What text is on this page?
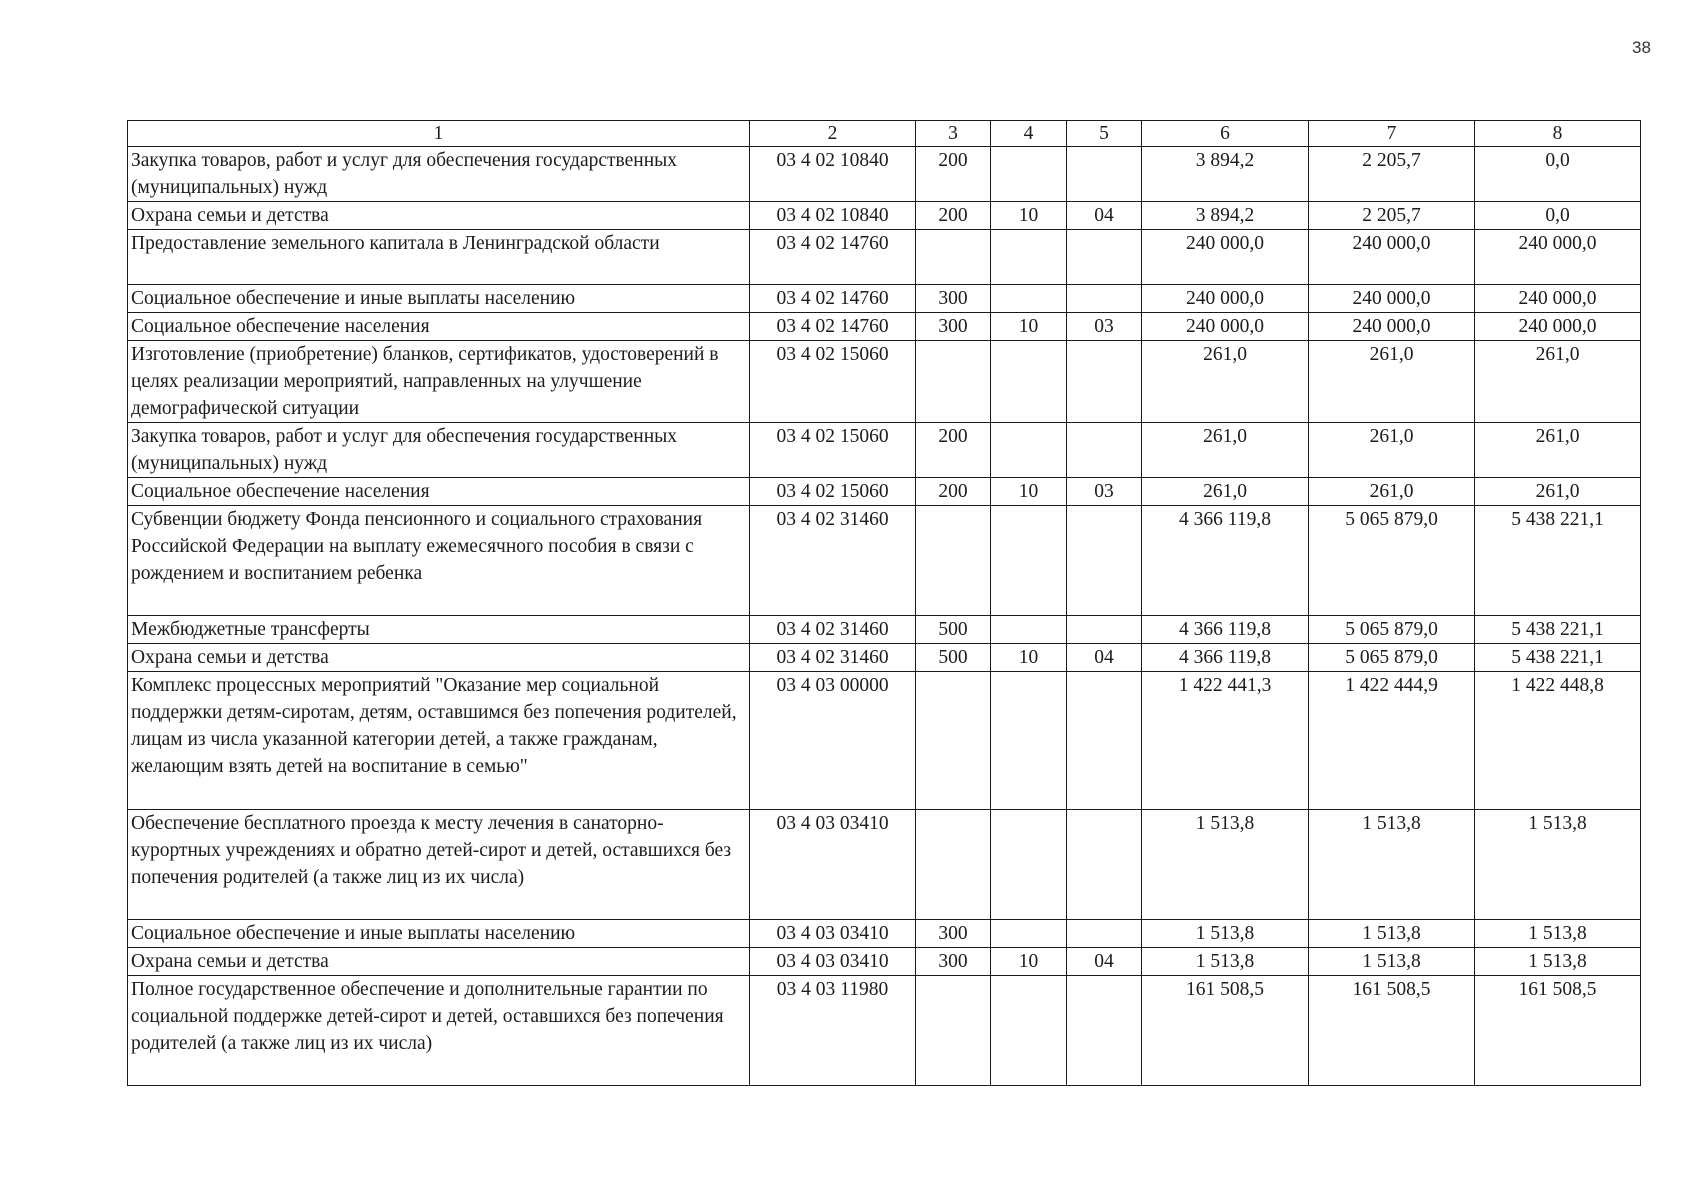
38
1	2	3	4	5	6	7	8
Закупка товаров, работ и услуг для обеспечения государственных (муниципальных) нужд	03 4 02 10840	200			3 894,2	2 205,7	0,0
Охрана семьи и детства	03 4 02 10840	200	10	04	3 894,2	2 205,7	0,0
Предоставление земельного капитала в Ленинградской области	03 4 02 14760				240 000,0	240 000,0	240 000,0
Социальное обеспечение и иные выплаты населению	03 4 02 14760	300			240 000,0	240 000,0	240 000,0
Социальное обеспечение населения	03 4 02 14760	300	10	03	240 000,0	240 000,0	240 000,0
Изготовление (приобретение) бланков, сертификатов, удостоверений в целях реализации мероприятий, направленных на улучшение демографической ситуации	03 4 02 15060				261,0	261,0	261,0
Закупка товаров, работ и услуг для обеспечения государственных (муниципальных) нужд	03 4 02 15060	200			261,0	261,0	261,0
Социальное обеспечение населения	03 4 02 15060	200	10	03	261,0	261,0	261,0
Субвенции бюджету Фонда пенсионного и социального страхования Российской Федерации на выплату ежемесячного пособия в связи с рождением и воспитанием ребенка	03 4 02 31460				4 366 119,8	5 065 879,0	5 438 221,1
Межбюджетные трансферты	03 4 02 31460	500			4 366 119,8	5 065 879,0	5 438 221,1
Охрана семьи и детства	03 4 02 31460	500	10	04	4 366 119,8	5 065 879,0	5 438 221,1
Комплекс процессных мероприятий "Оказание мер социальной поддержки детям-сиротам, детям, оставшимся без попечения родителей, лицам из числа указанной категории детей, а также гражданам, желающим взять детей на воспитание в семью"	03 4 03 00000				1 422 441,3	1 422 444,9	1 422 448,8
Обеспечение бесплатного проезда к месту лечения в санаторно-курортных учреждениях и обратно детей-сирот и детей, оставшихся без попечения родителей (а также лиц из их числа)	03 4 03 03410				1 513,8	1 513,8	1 513,8
Социальное обеспечение и иные выплаты населению	03 4 03 03410	300			1 513,8	1 513,8	1 513,8
Охрана семьи и детства	03 4 03 03410	300	10	04	1 513,8	1 513,8	1 513,8
Полное государственное обеспечение и дополнительные гарантии по социальной поддержке детей-сирот и детей, оставшихся без попечения родителей (а также лиц из их числа)	03 4 03 11980				161 508,5	161 508,5	161 508,5
